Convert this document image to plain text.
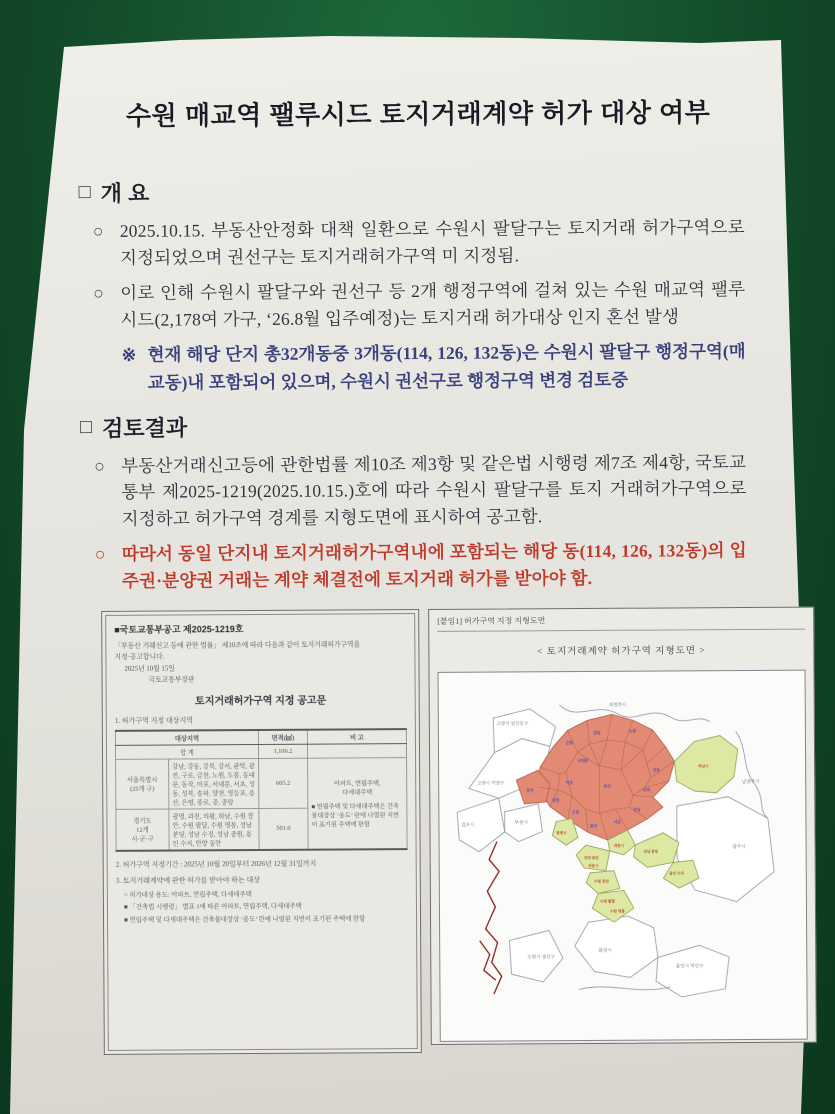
수원 매교역 팰루시드 토지거래계약 허가 대상 여부
□ 개 요
○ 2025.10.15. 부동산안정화 대책 일환으로 수원시 팔달구는 토지거래 허가구역으로 지정되었으며 권선구는 토지거래허가구역 미 지정됨.
○ 이로 인해 수원시 팔달구와 권선구 등 2개 행정구역에 걸쳐 있는 수원 매교역 팰루시드(2,178여 가구, ‘26.8월 입주예정)는 토지거래 허가대상 인지 혼선 발생
※ 현재 해당 단지 총32개동중 3개동(114, 126, 132동)은 수원시 팔달구 행정구역(매교동)내 포함되어 있으며, 수원시 권선구로 행정구역 변경 검토중
□ 검토결과
○ 부동산거래신고등에 관한법률 제10조 제3항 및 같은법 시행령 제7조 제4항, 국토교통부 제2025-1219(2025.10.15.)호에 따라 수원시 팔달구를 토지 거래허가구역으로 지정하고 허가구역 경계를 지형도면에 표시하여 공고함.
○ 따라서 동일 단지내 토지거래허가구역내에 포함되는 해당 동(114, 126, 132동)의 입주권·분양권 거래는 계약 체결전에 토지거래 허가를 받아야 함.

■국토교통부공고 제2025-1219호

「부동산 거래신고 등에 관한 법률」 제10조에 따라 다음과 같이 토지거래허가구역을

지정·공고합니다.

2025년 10월 15일

국토교통부장관

토지거래허가구역 지정 공고문

1. 허가구역 지정 대상지역

대상지역		면적(㎢)	비 고
합 계		1,106.2	
서울특별시
(25개 구)	강남, 강동, 강북, 강서, 관악, 광진, 구로, 금천, 노원, 도봉, 동대문, 동작, 마포, 서대문, 서초, 성동, 성북, 송파, 양천, 영등포, 용산, 은평, 종로, 중, 중랑	605.2	아파트, 연립주택,
다세대주택
■ 연립주택 및 다세대주택은 건축물대장상 ‘용도’ 란에 나열된 지번이 표기된 주택에 한함

경기도
12개
시·군·구	광명, 과천, 의왕, 하남, 수원 장안, 수원 팔달, 수원 영통, 성남 분당, 성남 수정, 성남 중원, 용인 수지, 안양 동안	501.0	

2. 허가구역 지정기간 : 2025년 10월 20일부터 2026년 12월 31일까지

3. 토지거래계약에 관한 허가를 받아야 하는 대상

○ 허가대상 용도: 아파트, 연립주택, 다세대주택

■ 「건축법 시행령」 별표 1에 따른 아파트, 연립주택, 다세대주택

■ 연립주택 및 다세대주택은 건축물대장상 ‘용도’ 란에 나열된 지번이 표기된 주택에 한함

[붙임1] 허가구역 지정 지형도면

< 토지거래계약 허가구역 지형도면 >

의정부시
남양주시
고양시 덕양구
고양시 일산동구
김포시	부천시
광주시
용인시 처인구
화성시
수원시 권선구
은평
강북
노원
마포
서대문
강서
양천
구로
관악
서초
강남
송파
강동
용산
하남시
광명시
과천시
안양 동안
의왕시
성남 분당
용인 수지
수원 장안
수원 팔달
수원 영통
